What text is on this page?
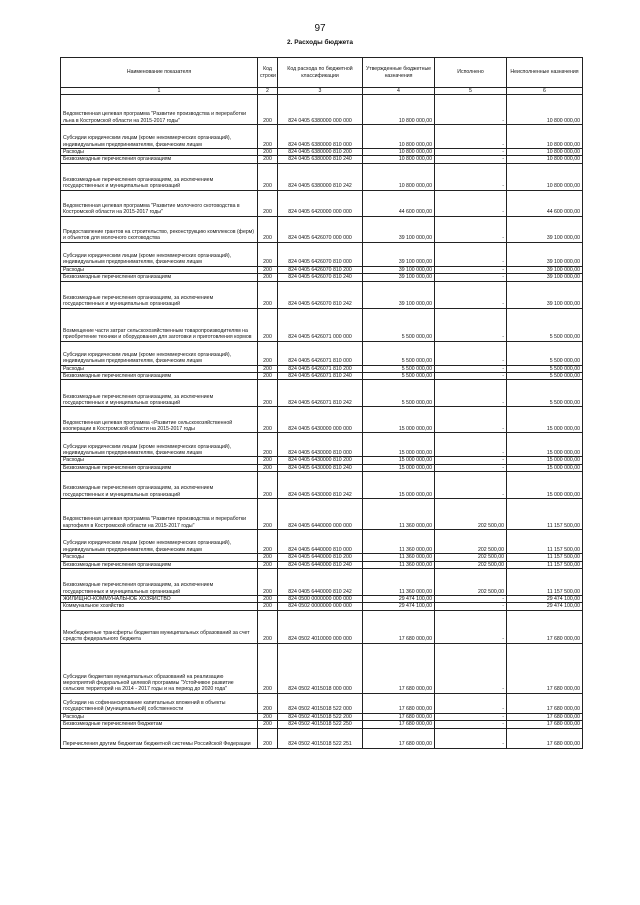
97
2. Расходы бюджета
Наименование показателя	Код строки	Код расхода по бюджетной классификации	Утвержденные бюджетные назначения	Исполнено	Неисполненные назначения
1	2	3	4	5	6
Ведомственная целевая программа "Развитие производства и переработки льна в Костромской области на 2015-2017 годы"	200	824 0405 6380000 000 000	10 800 000,00	-	10 800 000,00
Субсидии юридическим лицам (кроме некоммерческих организаций), индивидуальным предпринимателям, физическим лицам	200	824 0405 6380000 810 000	10 800 000,00	-	10 800 000,00
Расходы	200	824 0405 6380000 810 200	10 800 000,00	-	10 800 000,00
Безвозмездные перечисления организациям	200	824 0405 6380000 810 240	10 800 000,00	-	10 800 000,00
Безвозмездные перечисления организациям, за исключением государственных и муниципальных организаций	200	824 0405 6380000 810 242	10 800 000,00	-	10 800 000,00
Ведомственная целевая программа "Развитие молочного скотоводства в Костромской области на 2015-2017 годы"	200	824 0405 6420000 000 000	44 600 000,00	-	44 600 000,00
Предоставление грантов на строительство, реконструкцию комплексов (ферм) и объектов для молочного скотоводства	200	824 0405 6426070 000 000	39 100 000,00	-	39 100 000,00
Субсидии юридическим лицам (кроме некоммерческих организаций), индивидуальным предпринимателям, физическим лицам	200	824 0405 6426070 810 000	39 100 000,00	-	39 100 000,00
Расходы	200	824 0405 6426070 810 200	39 100 000,00	-	39 100 000,00
Безвозмездные перечисления организациям	200	824 0405 6426070 810 240	39 100 000,00	-	39 100 000,00
Безвозмездные перечисления организациям, за исключением государственных и муниципальных организаций	200	824 0405 6426070 810 242	39 100 000,00	-	39 100 000,00
Возмещение части затрат сельскохозяйственным товаропроизводителям на приобретение техники и оборудования для заготовки и приготовления кормов	200	824 0405 6426071 000 000	5 500 000,00	-	5 500 000,00
Субсидии юридическим лицам (кроме некоммерческих организаций), индивидуальным предпринимателям, физическим лицам	200	824 0405 6426071 810 000	5 500 000,00	-	5 500 000,00
Расходы	200	824 0405 6426071 810 200	5 500 000,00	-	5 500 000,00
Безвозмездные перечисления организациям	200	824 0405 6426071 810 240	5 500 000,00	-	5 500 000,00
Безвозмездные перечисления организациям, за исключением государственных и муниципальных организаций	200	824 0405 6426071 810 242	5 500 000,00	-	5 500 000,00
Ведомственная целевая программа «Развитие сельскохозяйственной кооперации в Костромской области на 2015-2017 годы	200	824 0405 6430000 000 000	15 000 000,00	-	15 000 000,00
Субсидии юридическим лицам (кроме некоммерческих организаций), индивидуальным предпринимателям, физическим лицам	200	824 0405 6430000 810 000	15 000 000,00	-	15 000 000,00
Расходы	200	824 0405 6430000 810 200	15 000 000,00	-	15 000 000,00
Безвозмездные перечисления организациям	200	824 0405 6430000 810 240	15 000 000,00	-	15 000 000,00
Безвозмездные перечисления организациям, за исключением государственных и муниципальных организаций	200	824 0405 6430000 810 242	15 000 000,00	-	15 000 000,00
Ведомственная целевая программа "Развитие производства и переработки картофеля в Костромской области на 2015-2017 годы"	200	824 0405 6440000 000 000	11 360 000,00	202 500,00	11 157 500,00
Субсидии юридическим лицам (кроме некоммерческих организаций), индивидуальным предпринимателям, физическим лицам	200	824 0405 6440000 810 000	11 360 000,00	202 500,00	11 157 500,00
Расходы	200	824 0405 6440000 810 200	11 360 000,00	202 500,00	11 157 500,00
Безвозмездные перечисления организациям	200	824 0405 6440000 810 240	11 360 000,00	202 500,00	11 157 500,00
Безвозмездные перечисления организациям, за исключением государственных и муниципальных организаций	200	824 0405 6440000 810 242	11 360 000,00	202 500,00	11 157 500,00
ЖИЛИЩНО-КОММУНАЛЬНОЕ ХОЗЯЙСТВО	200	824 0500 0000000 000 000	29 474 100,00	-	29 474 100,00
Коммунальное хозяйство	200	824 0502 0000000 000 000	29 474 100,00	-	29 474 100,00
Межбюджетные трансферты бюджетам муниципальных образований за счет средств федерального бюджета	200	824 0502 4010000 000 000	17 680 000,00	-	17 680 000,00
Субсидии бюджетам муниципальных образований на реализацию мероприятий федеральной целевой программы "Устойчивое развитие сельских территорий на 2014 - 2017 годы и на период до 2020 года"	200	824 0502 4015018 000 000	17 680 000,00	-	17 680 000,00
Субсидии на софинансирование капитальных вложений в объекты государственной (муниципальной) собственности	200	824 0502 4015018 522 000	17 680 000,00	-	17 680 000,00
Расходы	200	824 0502 4015018 522 200	17 680 000,00	-	17 680 000,00
Безвозмездные перечисления бюджетам	200	824 0502 4015018 522 250	17 680 000,00	-	17 680 000,00
Перечисления другим бюджетам бюджетной системы Российской Федерации	200	824 0502 4015018 522 251	17 680 000,00	-	17 680 000,00
